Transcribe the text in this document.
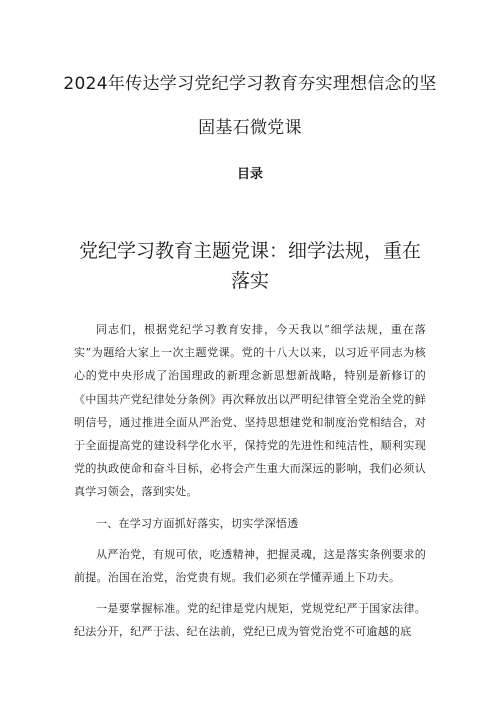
2024年传达学习党纪学习教育夯实理想信念的坚固基石微党课
目录
党纪学习教育主题党课：细学法规，重在落实

同志们，根据党纪学习教育安排，今天我以“细学法规，重在落实”为题给大家上一次主题党课。党的十八大以来，以习近平同志为核心的党中央形成了治国理政的新理念新思想新战略，特别是新修订的《中国共产党纪律处分条例》再次释放出以严明纪律管全党治全党的鲜明信号，通过推进全面从严治党、坚持思想建党和制度治党相结合，对于全面提高党的建设科学化水平，保持党的先进性和纯洁性，顺利实现党的执政使命和奋斗目标，必将会产生重大而深远的影响，我们必须认真学习领会，落到实处。

一、在学习方面抓好落实，切实学深悟透

从严治党，有规可依，吃透精神，把握灵魂，这是落实条例要求的前提。治国在治党，治党贵有规。我们必须在学懂弄通上下功夫。

一是要掌握标准。党的纪律是党内规矩，党规党纪严于国家法律。纪法分开，纪严于法、纪在法前，党纪已成为管党治党不可逾越的底
